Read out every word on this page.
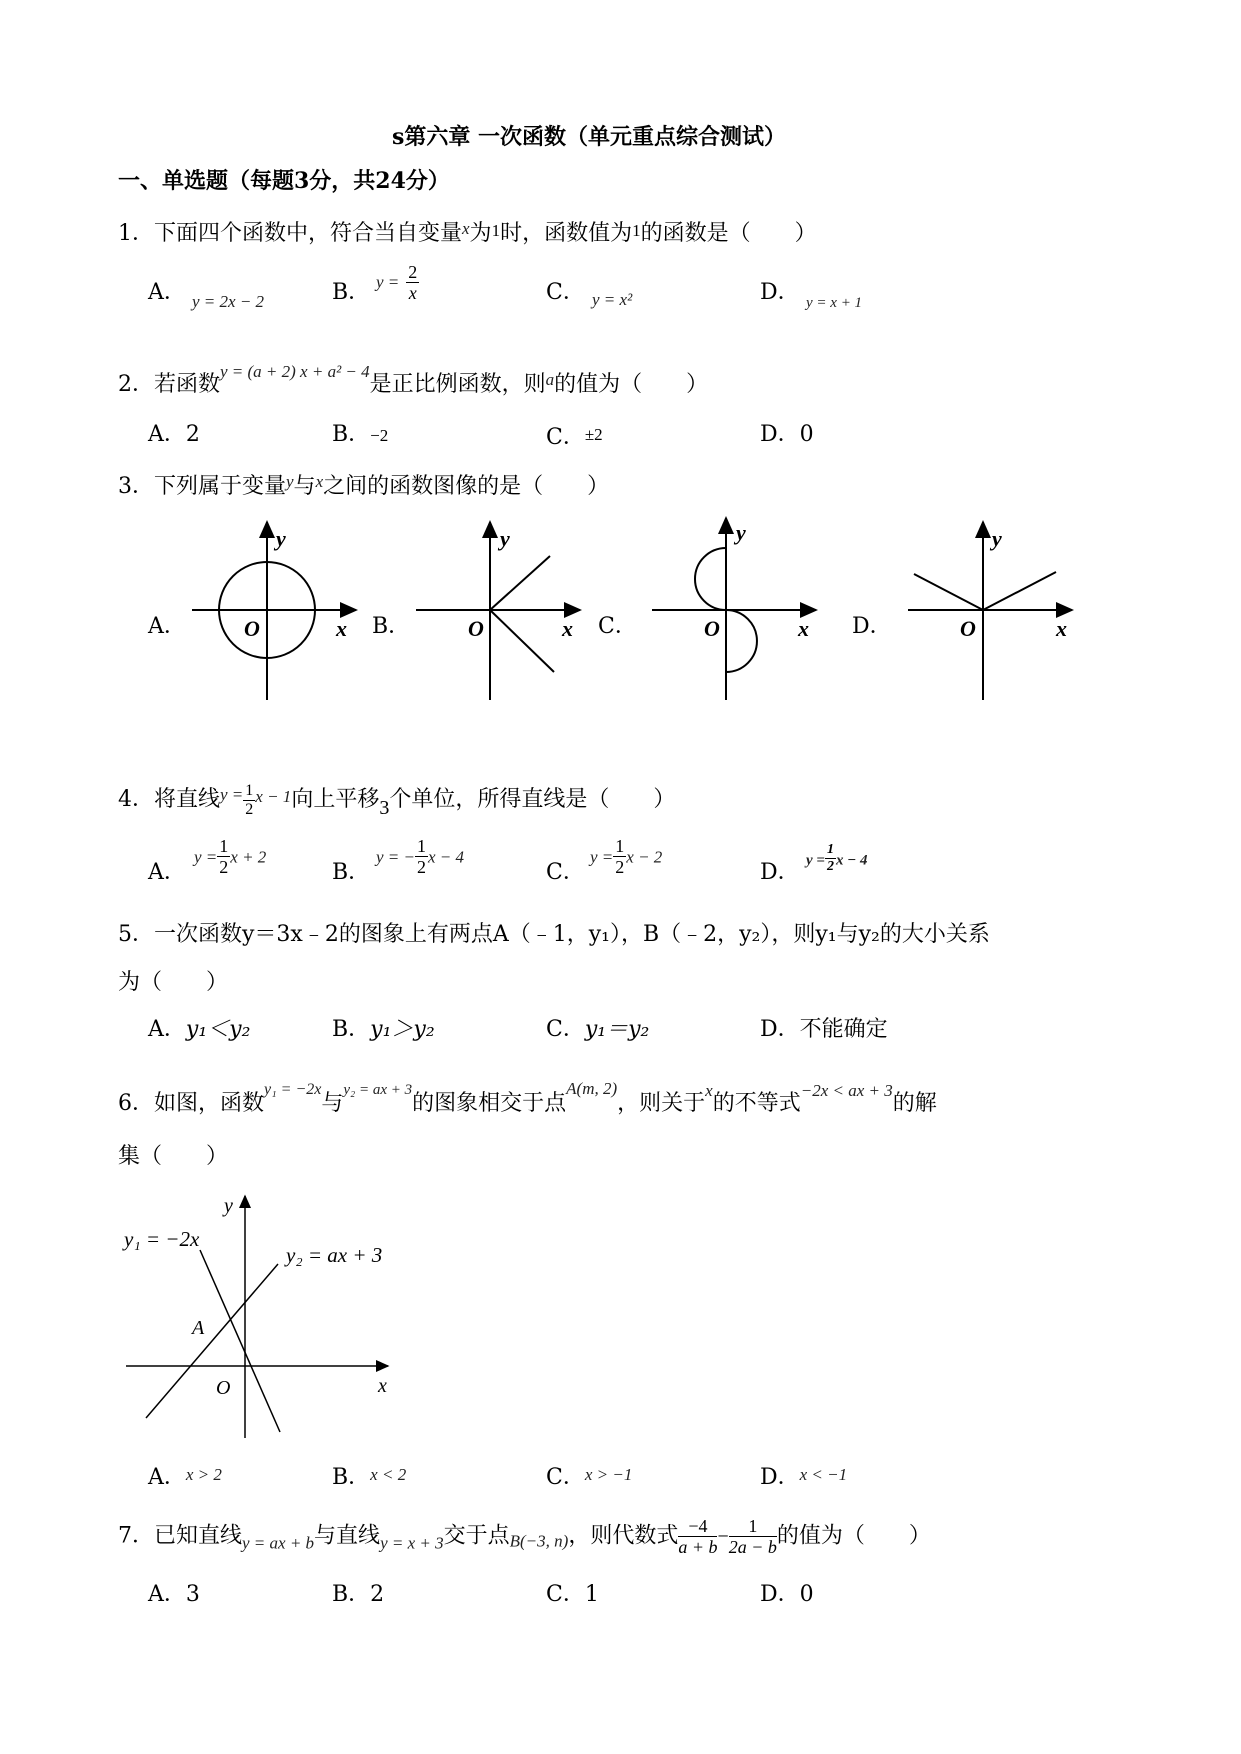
s第六章 一次函数（单元重点综合测试）
一、单选题（每题3分，共24分）
1．下面四个函数中，符合当自变量$^x$为1时，函数值为1的函数是（　　）
A． y = 2x − 2	B． $y = \frac{2}{x}$	C． y = x²	D． y = x + 1
2．若函数$^{y = (a + 2) x + a^2 - 4}$是正比例函数，则$^a$的值为（　　）
A．2	B．−2	C．±2	D．0
3．下列属于变量$^y$与$^x$之间的函数图像的是（　　）
A．	B．	C．	D．
y
x
O
y
x
O
y
x
O
y
x
O
y₁ = −2x
y₂ = ax + 3
A
O	x
y
4．将直线$^{y =} \frac{1}{2}$ x − 1向上平移3个单位，所得直线是（　　）
A．
$y = \frac{1}{2}$ x + 2
B．
y = − $\frac{1}{2}$ x − 4
C．
$y = \frac{1}{2}$ x − 2
D． $y = \frac{1}{2}$ x − 4
5．一次函数y＝3x﹣2的图象上有两点A（﹣1，y₁），B（﹣2，y₂），则y₁与y₂的大小关系
为（　　）
A．y₁＜y₂	B．y₁＞y₂	C．y₁＝y₂	D．不能确定
6．如图，函数$^{y_1 = -2x}$与$^{y_2 = ax + 3}$的图象相交于点$^{A(m, 2)}$，则关于$^x$的不等式$^{-2x < ax + 3}$的解
集（　　）
A．x > 2	B．x < 2	C．x > −1	D．x < −1
7．已知直线$_{y = ax + b}$与直线$_{y = x + 3}$交于点B(−3, n)，则代数式 $\frac{-4}{a + b} - \frac{1}{2a - b}$ 的值为（　　）
A．3	B．2	C．1	D．0
